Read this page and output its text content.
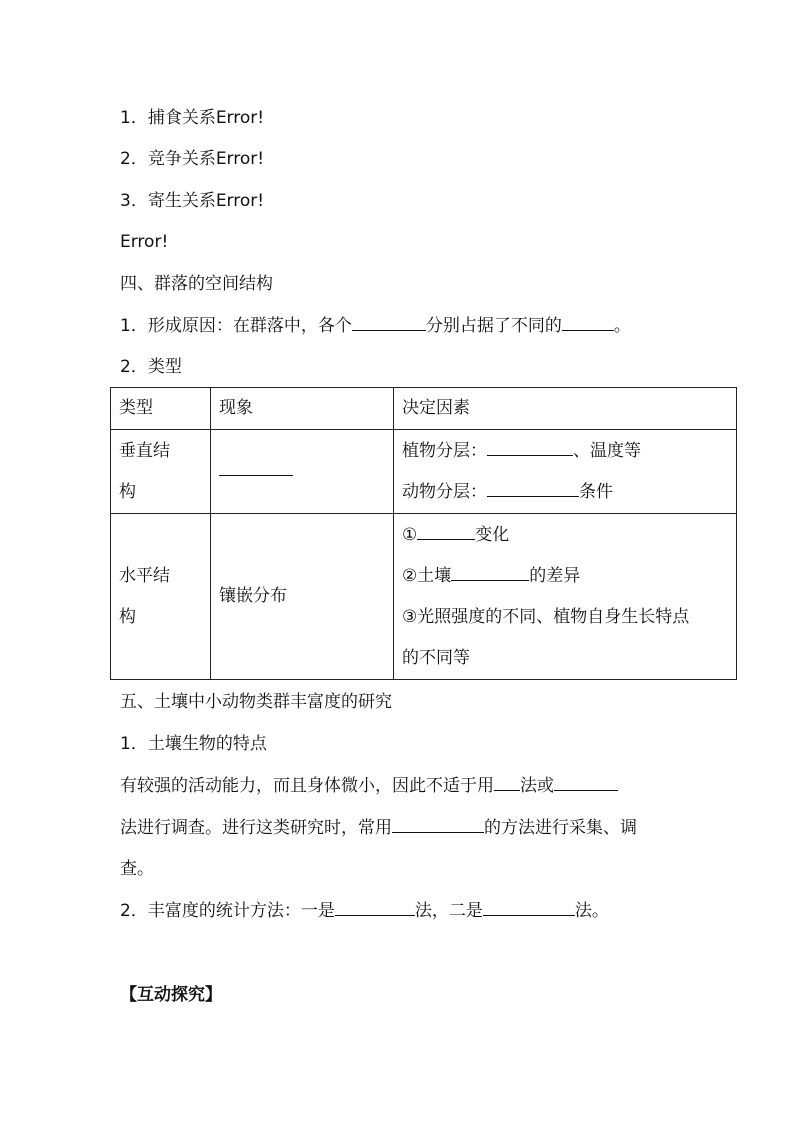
1．捕食关系Error!
2．竞争关系Error!
3．寄生关系Error!
Error!
四、群落的空间结构
1．形成原因：在群落中，各个	分别占据了不同的	。
2．类型
类型	现象	决定因素

垂直结
构		植物分层： 、温度等
动物分层： 条件

水平结
构	镶嵌分布	① 变化
②土壤 的差异
③光照强度的不同、植物自身生长特点
的不同等
五、土壤中小动物类群丰富度的研究
1．土壤生物的特点
有较强的活动能力，而且身体微小，因此不适于用 法或
法进行调查。进行这类研究时，常用	的方法进行采集、调
查。
2．丰富度的统计方法：一是	法，二是	法。
【互动探究】
